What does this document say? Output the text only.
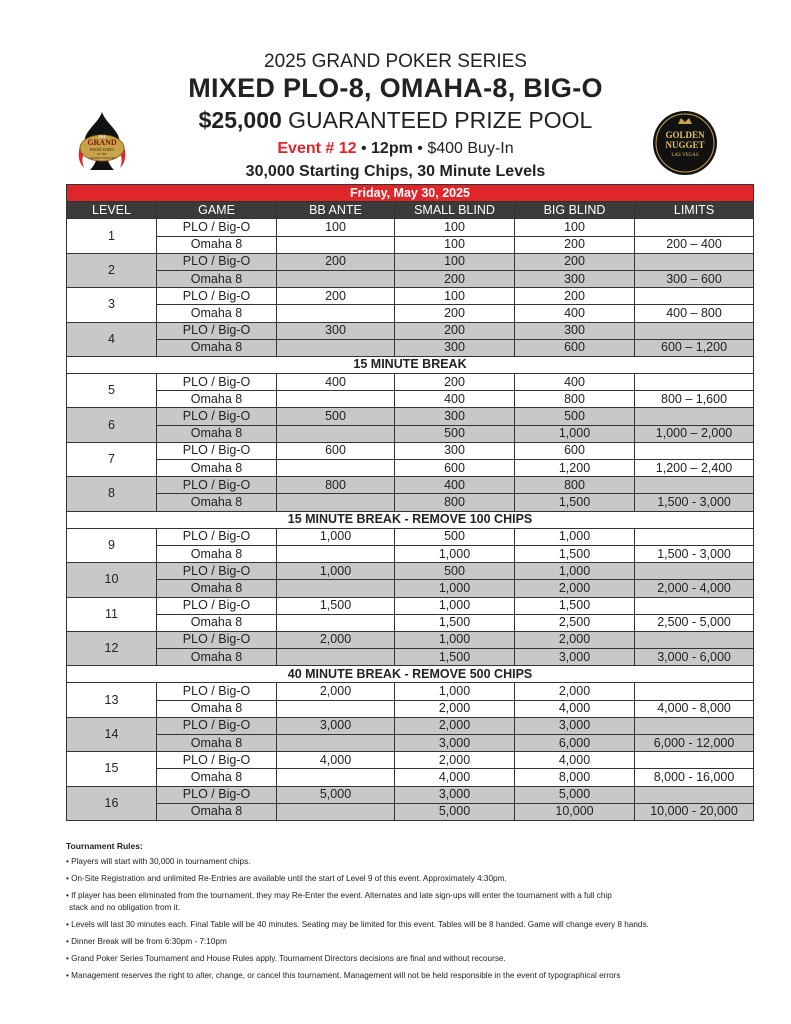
2025 GRAND POKER SERIES
MIXED PLO-8, OMAHA-8, BIG-O
$25,000 GUARANTEED PRIZE POOL
Event # 12 • 12pm • $400 Buy-In
30,000 Starting Chips, 30 Minute Levels
THE
GRAND
POKER SERIES
AT THE
GOLDEN NUGGET
GOLDEN
NUGGET
LAS VEGAS
Friday, May 30, 2025					
LEVEL	GAME	BB ANTE	SMALL BLIND	BIG BLIND	LIMITS
1	PLO / Big-O	100	100	100	
	Omaha 8		100	200	200 – 400
2	PLO / Big-O	200	100	200	
	Omaha 8		200	300	300 – 600
3	PLO / Big-O	200	100	200	
	Omaha 8		200	400	400 – 800
4	PLO / Big-O	300	200	300	
	Omaha 8		300	600	600 – 1,200
15 MINUTE BREAK					
5	PLO / Big-O	400	200	400	
	Omaha 8		400	800	800 – 1,600
6	PLO / Big-O	500	300	500	
	Omaha 8		500	1,000	1,000 – 2,000
7	PLO / Big-O	600	300	600	
	Omaha 8		600	1,200	1,200 – 2,400
8	PLO / Big-O	800	400	800	
	Omaha 8		800	1,500	1,500 - 3,000
15 MINUTE BREAK - REMOVE 100 CHIPS					
9	PLO / Big-O	1,000	500	1,000	
	Omaha 8		1,000	1,500	1,500 - 3,000
10	PLO / Big-O	1,000	500	1,000	
	Omaha 8		1,000	2,000	2,000 - 4,000
11	PLO / Big-O	1,500	1,000	1,500	
	Omaha 8		1,500	2,500	2,500 - 5,000
12	PLO / Big-O	2,000	1,000	2,000	
	Omaha 8		1,500	3,000	3,000 - 6,000
40 MINUTE BREAK - REMOVE 500 CHIPS					
13	PLO / Big-O	2,000	1,000	2,000	
	Omaha 8		2,000	4,000	4,000 - 8,000
14	PLO / Big-O	3,000	2,000	3,000	
	Omaha 8		3,000	6,000	6,000 - 12,000
15	PLO / Big-O	4,000	2,000	4,000	
	Omaha 8		4,000	8,000	8,000 - 16,000
16	PLO / Big-O	5,000	3,000	5,000	
	Omaha 8		5,000	10,000	10,000 - 20,000
Tournament Rules:
• Players will start with 30,000 in tournament chips.
• On-Site Registration and unlimited Re-Entries are available until the start of Level 9 of this event. Approximately 4:30pm.
• If player has been eliminated from the tournament, they may Re-Enter the event. Alternates and late sign-ups will enter the tournament with a full chip
stack and no obligation from it.
• Levels will last 30 minutes each. Final Table will be 40 minutes. Seating may be limited for this event. Tables will be 8 handed. Game will change every 8 hands.
• Dinner Break will be from 6:30pm - 7:10pm
• Grand Poker Series Tournament and House Rules apply. Tournament Directors decisions are final and without recourse.
• Management reserves the right to alter, change, or cancel this tournament. Management will not be held responsible in the event of typographical errors
